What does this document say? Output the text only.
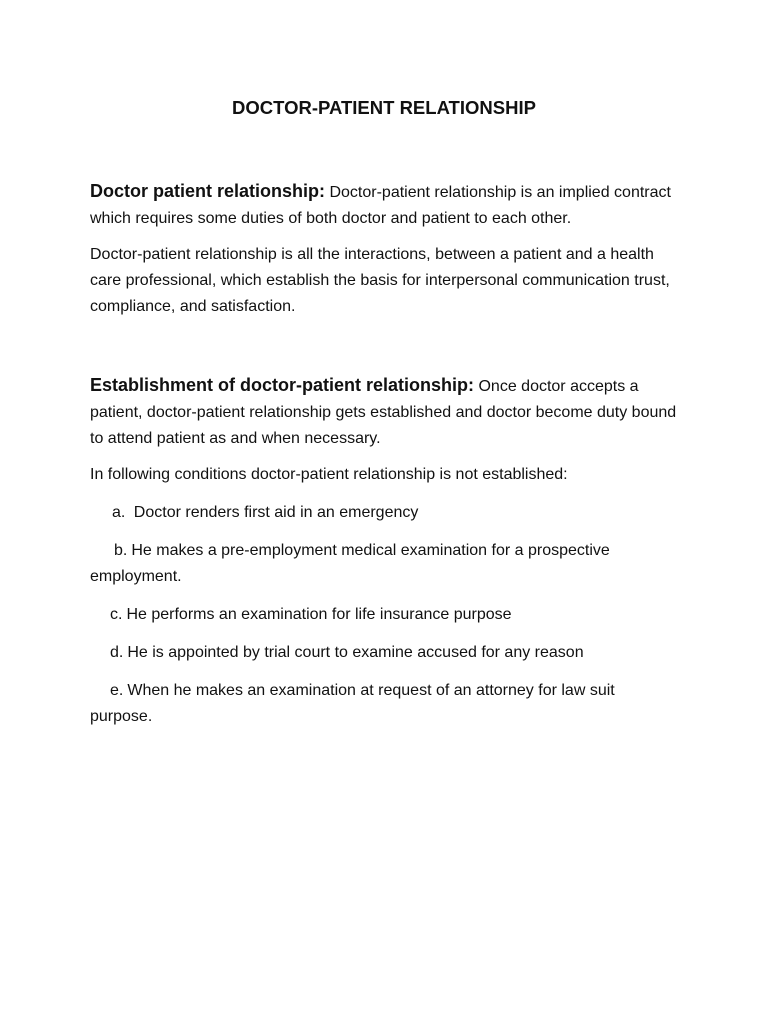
DOCTOR-PATIENT RELATIONSHIP

Doctor patient relationship: Doctor-patient relationship is an implied contract which requires some duties of both doctor and patient to each other.

Doctor-patient relationship is all the interactions, between a patient and a health care professional, which establish the basis for interpersonal communication trust, compliance, and satisfaction.

Establishment of doctor-patient relationship: Once doctor accepts a patient, doctor-patient relationship gets established and doctor become duty bound to attend patient as and when necessary.

In following conditions doctor-patient relationship is not established:

a. Doctor renders first aid in an emergency

b. He makes a pre-employment medical examination for a prospective employment.

c. He performs an examination for life insurance purpose

d. He is appointed by trial court to examine accused for any reason

e. When he makes an examination at request of an attorney for law suit purpose.
